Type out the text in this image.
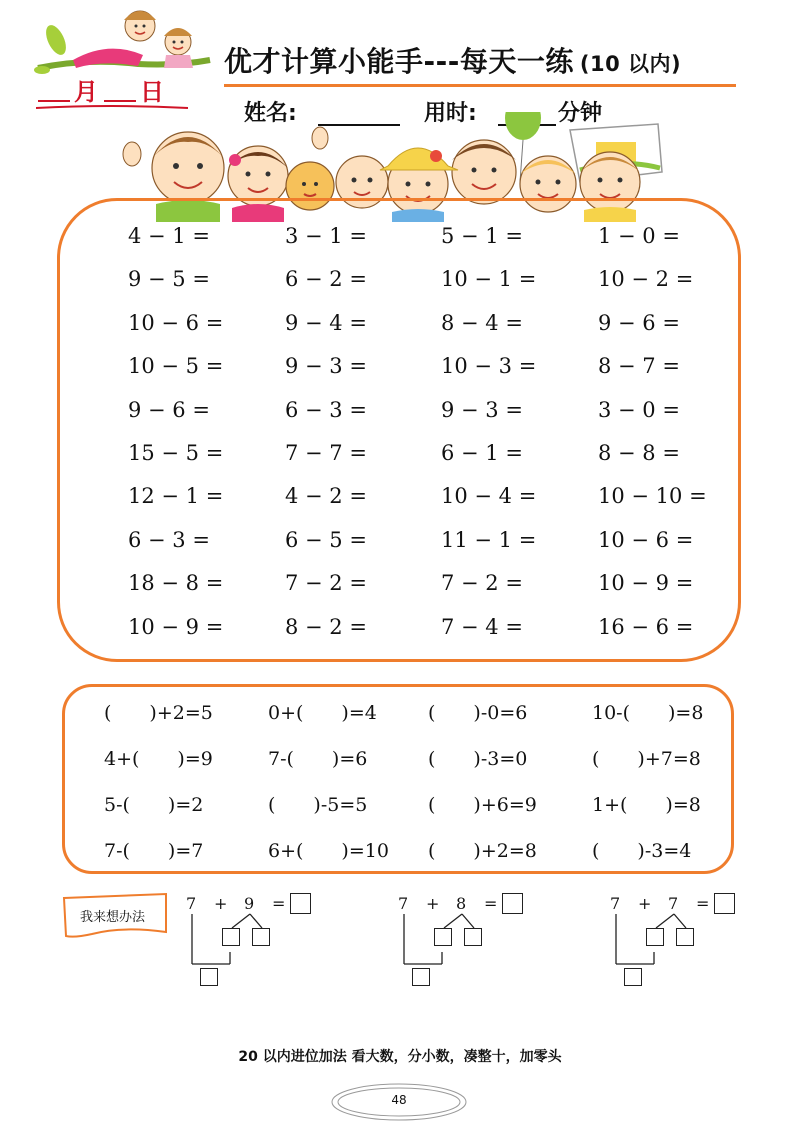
月 日
优才计算小能手---每天一练 (10 以内)
姓名:	用时:	分钟
4 − 1 =	3 − 1 =	5 − 1 =	1 − 0 =
9 − 5 =	6 − 2 =	10 − 1 =	10 − 2 =
10 − 6 =	9 − 4 =	8 − 4 =	9 − 6 =
10 − 5 =	9 − 3 =	10 − 3 =	8 − 7 =
9 − 6 =	6 − 3 =	9 − 3 =	3 − 0 =
15 − 5 =	7 − 7 =	6 − 1 =	8 − 8 =
12 − 1 =	4 − 2 =	10 − 4 =	10 − 10 =
6 − 3 =	6 − 5 =	11 − 1 =	10 − 6 =
18 − 8 =	7 − 2 =	7 − 2 =	10 − 9 =
10 − 9 =	8 − 2 =	7 − 4 =	16 − 6 =
(　　)+2=5	0+(　　)=4	(　　)-0=6	10-(　　)=8
4+(　　)=9	7-(　　)=6	(　　)-3=0	(　　)+7=8
5-(　　)=2	(　　)-5=5	(　　)+6=9	1+(　　)=8
7-(　　)=7	6+(　　)=10 (　　)+2=8	(　　)-3=4
我来想办法
7 + 9 =	7 + 8 =	7 + 7 =
20 以内进位加法 看大数，分小数，凑整十，加零头
48
